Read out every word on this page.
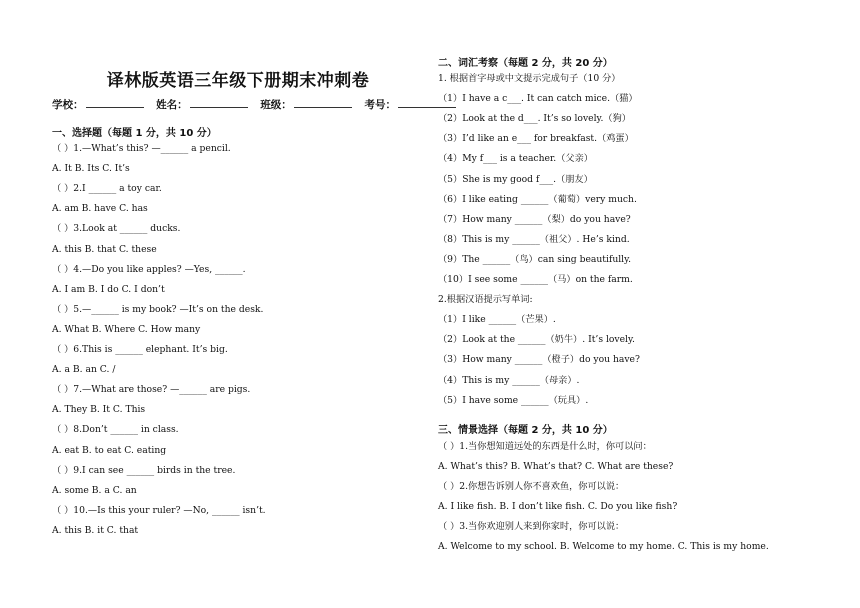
译林版英语三年级下册期末冲刺卷
学校：	姓名：	班级：	考号：
一、选择题（每题 1 分，共 10 分）
（ ）1.—What’s this? —______ a pencil.
A. It B. Its C. It’s
（ ）2.I ______ a toy car.
A. am B. have C. has
（ ）3.Look at ______ ducks.
A. this B. that C. these
（ ）4.—Do you like apples? —Yes, ______.
A. I am B. I do C. I don’t
（ ）5.—______ is my book? —It’s on the desk.
A. What B. Where C. How many
（ ）6.This is ______ elephant. It’s big.
A. a B. an C. /
（ ）7.—What are those? —______ are pigs.
A. They B. It C. This
（ ）8.Don’t ______ in class.
A. eat B. to eat C. eating
（ ）9.I can see ______ birds in the tree.
A. some B. a C. an
（ ）10.—Is this your ruler? —No, ______ isn’t.
A. this B. it C. that
二、词汇考察（每题 2 分，共 20 分）
1. 根据首字母或中文提示完成句子（10 分）
（1）I have a c___. It can catch mice.（猫）
（2）Look at the d___. It’s so lovely.（狗）
（3）I’d like an e___ for breakfast.（鸡蛋）
（4）My f___ is a teacher.（父亲）
（5）She is my good f___.（朋友）
（6）I like eating ______（葡萄）very much.
（7）How many ______（梨）do you have?
（8）This is my ______（祖父）. He’s kind.
（9）The ______（鸟）can sing beautifully.
（10）I see some ______（马）on the farm.
2.根据汉语提示写单词:
（1）I like ______（芒果）.
（2）Look at the ______（奶牛）. It’s lovely.
（3）How many ______（橙子）do you have?
（4）This is my ______（母亲）.
（5）I have some ______（玩具）.
三、情景选择（每题 2 分，共 10 分）
（ ）1.当你想知道远处的东西是什么时，你可以问：
A. What’s this? B. What’s that? C. What are these?
（ ）2.你想告诉别人你不喜欢鱼，你可以说：
A. I like fish. B. I don’t like fish. C. Do you like fish?
（ ）3.当你欢迎别人来到你家时，你可以说：
A. Welcome to my school. B. Welcome to my home. C. This is my home.
